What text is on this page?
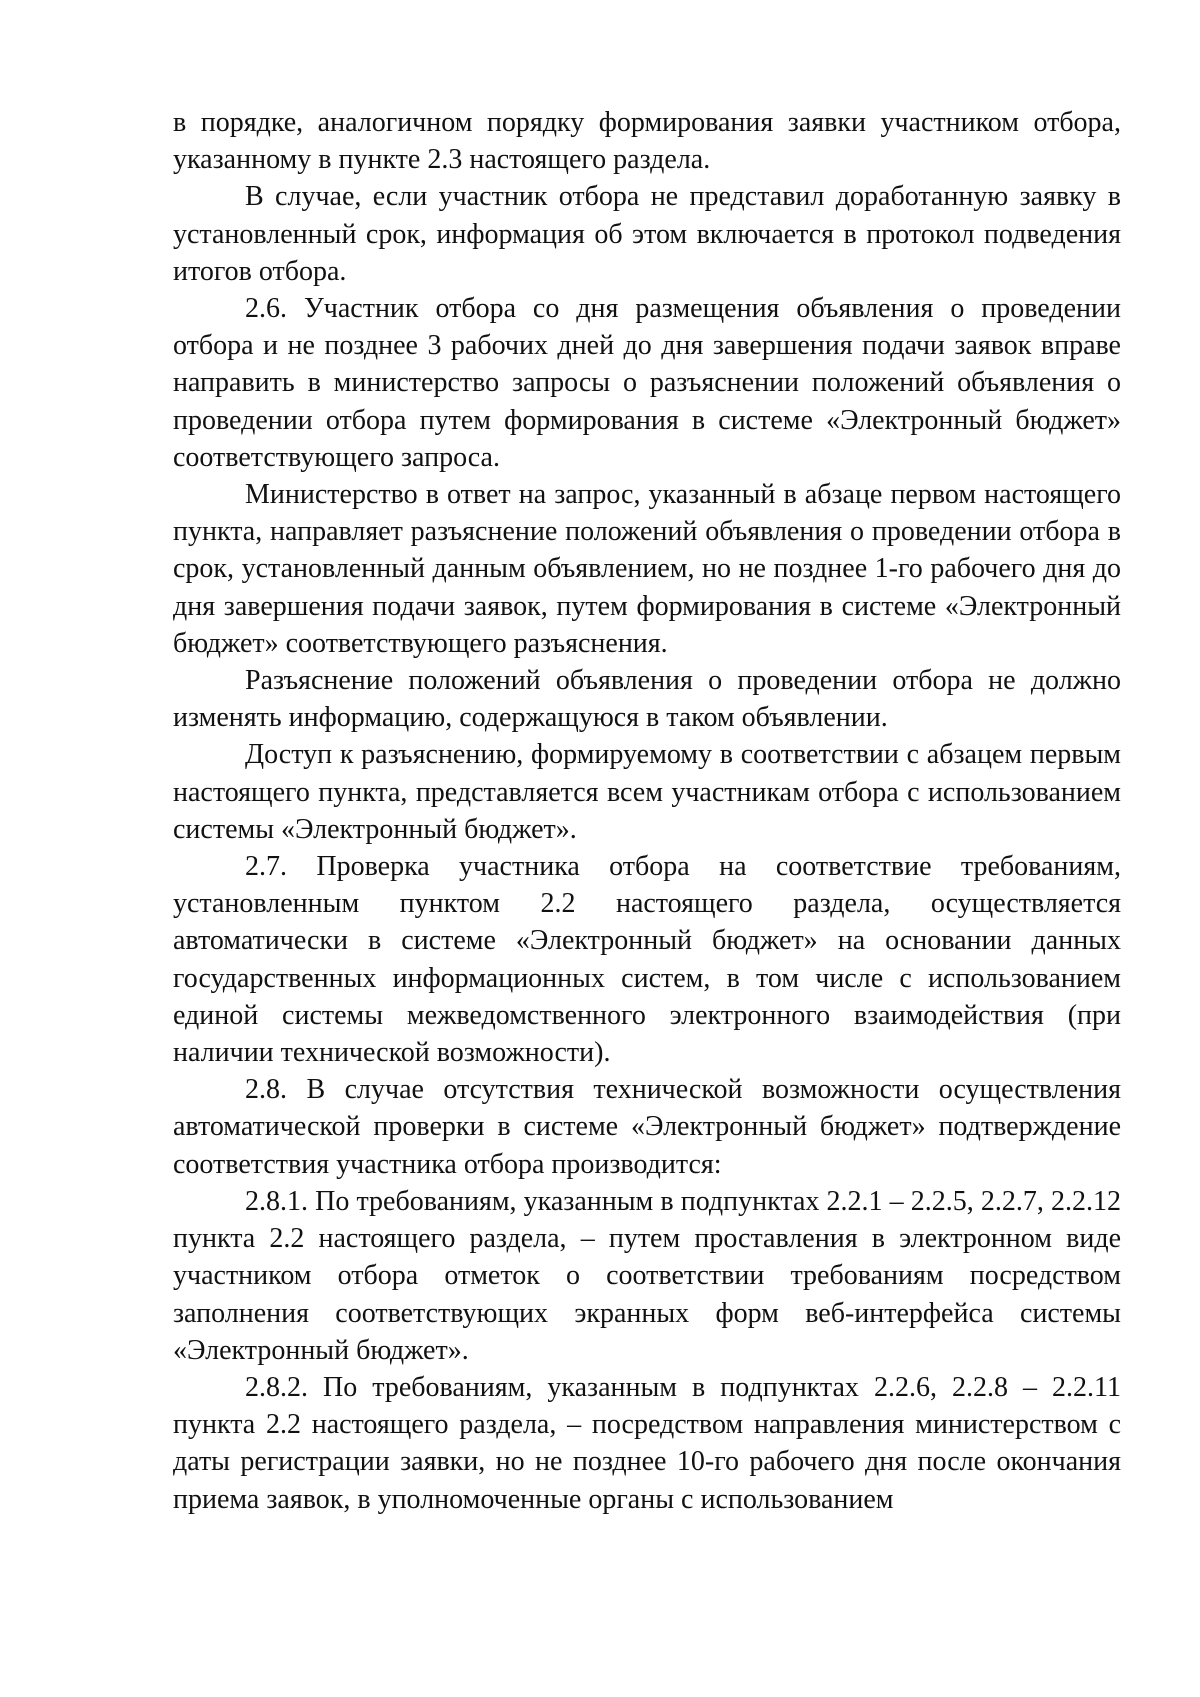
в порядке, аналогичном порядку формирования заявки участником отбора, указанному в пункте 2.3 настоящего раздела.

В случае, если участник отбора не представил доработанную заявку в установленный срок, информация об этом включается в протокол подведения итогов отбора.

2.6. Участник отбора со дня размещения объявления о проведении отбора и не позднее 3 рабочих дней до дня завершения подачи заявок вправе направить в министерство запросы о разъяснении положений объявления о проведении отбора путем формирования в системе «Электронный бюджет» соответствующего запроса.

Министерство в ответ на запрос, указанный в абзаце первом настоящего пункта, направляет разъяснение положений объявления о проведении отбора в срок, установленный данным объявлением, но не позднее 1-го рабочего дня до дня завершения подачи заявок, путем формирования в системе «Электронный бюджет» соответствующего разъяснения.

Разъяснение положений объявления о проведении отбора не должно изменять информацию, содержащуюся в таком объявлении.

Доступ к разъяснению, формируемому в соответствии с абзацем первым настоящего пункта, представляется всем участникам отбора с использованием системы «Электронный бюджет».

2.7. Проверка участника отбора на соответствие требованиям, установленным пунктом 2.2 настоящего раздела, осуществляется автоматически в системе «Электронный бюджет» на основании данных государственных информационных систем, в том числе с использованием единой системы межведомственного электронного взаимодействия (при наличии технической возможности).

2.8. В случае отсутствия технической возможности осуществления автоматической проверки в системе «Электронный бюджет» подтверждение соответствия участника отбора производится:

2.8.1. По требованиям, указанным в подпунктах 2.2.1 – 2.2.5, 2.2.7, 2.2.12 пункта 2.2 настоящего раздела, – путем проставления в электронном виде участником отбора отметок о соответствии требованиям посредством заполнения соответствующих экранных форм веб-интерфейса системы «Электронный бюджет».

2.8.2. По требованиям, указанным в подпунктах 2.2.6, 2.2.8 – 2.2.11 пункта 2.2 настоящего раздела, – посредством направления министерством с даты регистрации заявки, но не позднее 10-го рабочего дня после окончания приема заявок, в уполномоченные органы с использованием
